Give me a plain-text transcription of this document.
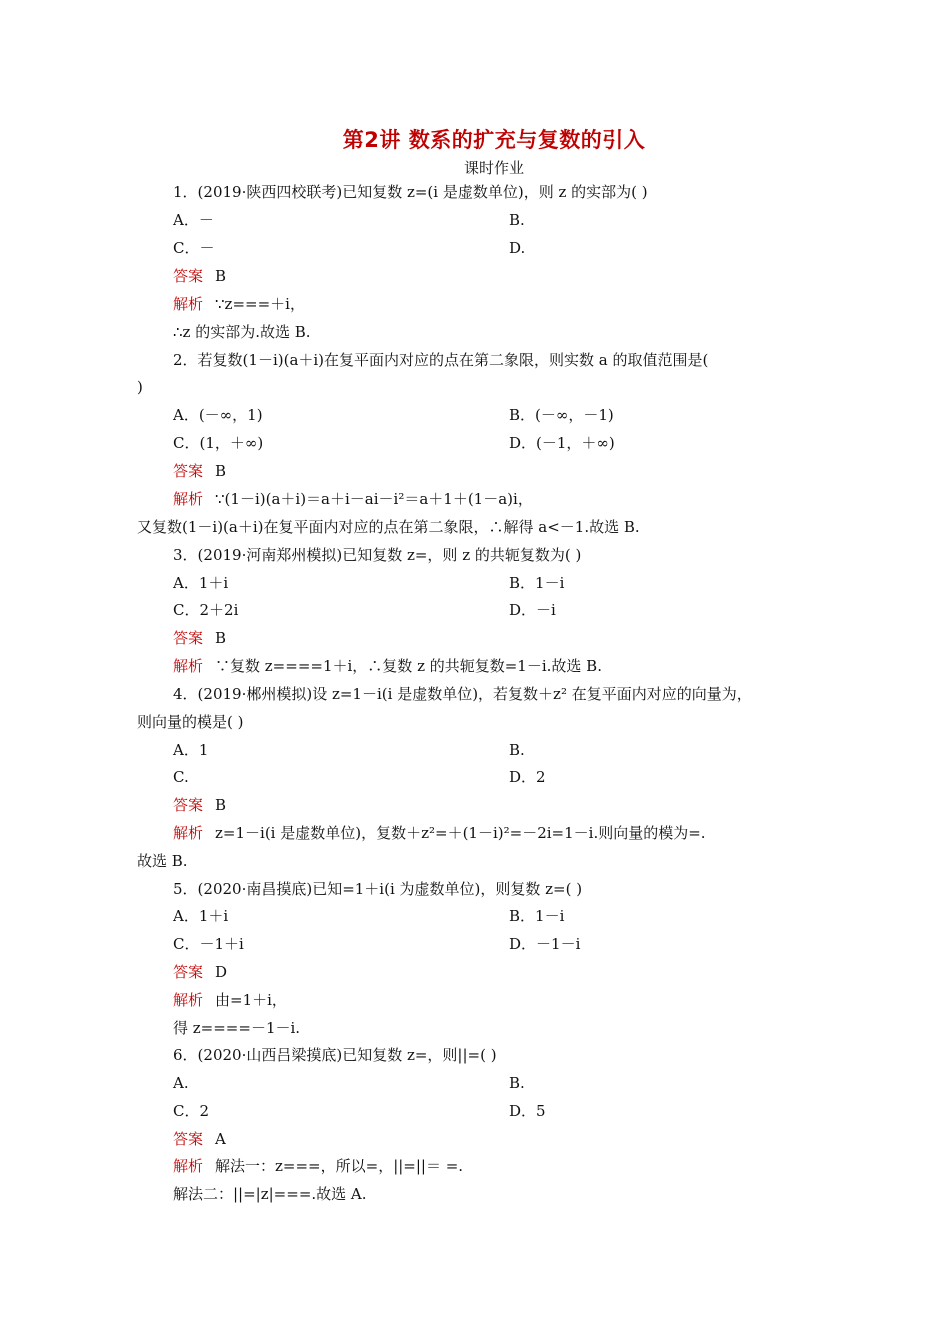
第2讲 数系的扩充与复数的引入
课时作业
1．(2019·陕西四校联考)已知复数 z=(i 是虚数单位)，则 z 的实部为( )
A．－	B.
C．－	D.
答案 B
解析 ∵z===＋i，
∴z 的实部为.故选 B.
2．若复数(1－i)(a＋i)在复平面内对应的点在第二象限，则实数 a 的取值范围是(
)
A．(－∞，1)	B．(－∞，－1)
C．(1，＋∞)	D．(－1，＋∞)
答案 B
解析 ∵(1－i)(a＋i)＝a＋i－ai－i²＝a＋1＋(1－a)i，
又复数(1－i)(a＋i)在复平面内对应的点在第二象限，∴解得 a<－1.故选 B.
3．(2019·河南郑州模拟)已知复数 z=，则 z 的共轭复数为( )
A．1＋i	B．1－i
C．2＋2i	D．－i
答案 B
解析 ∵复数 z====1＋i，∴复数 z 的共轭复数=1－i.故选 B.
4．(2019·郴州模拟)设 z=1－i(i 是虚数单位)，若复数＋z² 在复平面内对应的向量为，
则向量的模是( )
A．1	B.
C.	D．2
答案 B
解析 z=1－i(i 是虚数单位)，复数＋z²=＋(1－i)²=－2i=1－i.则向量的模为=.
故选 B.
5．(2020·南昌摸底)已知=1＋i(i 为虚数单位)，则复数 z=( )
A．1＋i	B．1－i
C．－1＋i	D．－1－i
答案 D
解析 由=1＋i，
得 z====－1－i.
6．(2020·山西吕梁摸底)已知复数 z=，则||=( )
A.	B.
C．2	D．5
答案 A
解析 解法一：z===，所以=，||=||＝ =.
解法二：||=|z|===.故选 A.
